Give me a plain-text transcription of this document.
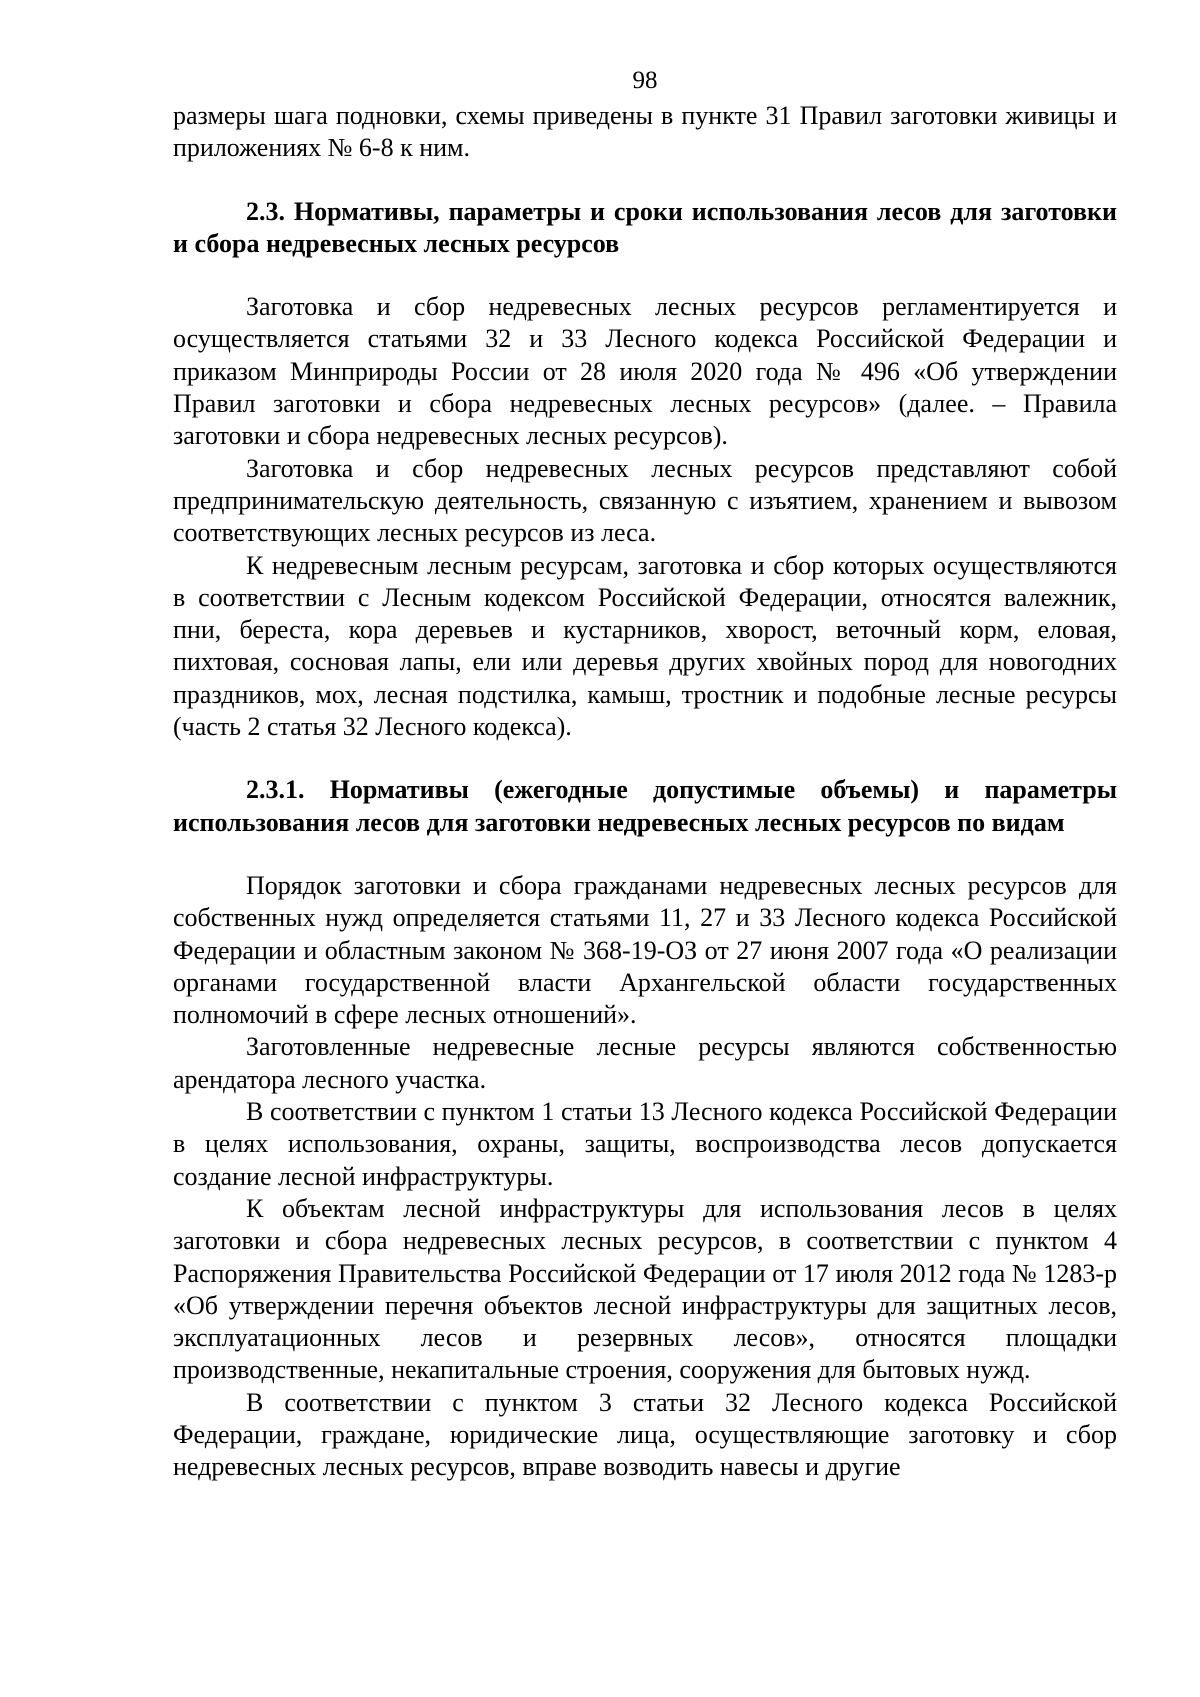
98

размеры шага подновки, схемы приведены в пункте 31 Правил заготовки живицы и приложениях № 6-8 к ним.

2.3. Нормативы, параметры и сроки использования лесов для заготовки и сбора недревесных лесных ресурсов

Заготовка и сбор недревесных лесных ресурсов регламентируется и осуществляется статьями 32 и 33 Лесного кодекса Российской Федерации и приказом Минприроды России от 28 июля 2020 года № 496 «Об утверждении Правил заготовки и сбора недревесных лесных ресурсов» (далее. – Правила заготовки и сбора недревесных лесных ресурсов).

Заготовка и сбор недревесных лесных ресурсов представляют собой предпринимательскую деятельность, связанную с изъятием, хранением и вывозом соответствующих лесных ресурсов из леса.

К недревесным лесным ресурсам, заготовка и сбор которых осуществляются в соответствии с Лесным кодексом Российской Федерации, относятся валежник, пни, береста, кора деревьев и кустарников, хворост, веточный корм, еловая, пихтовая, сосновая лапы, ели или деревья других хвойных пород для новогодних праздников, мох, лесная подстилка, камыш, тростник и подобные лесные ресурсы (часть 2 статья 32 Лесного кодекса).

2.3.1. Нормативы (ежегодные допустимые объемы) и параметры использования лесов для заготовки недревесных лесных ресурсов по видам

Порядок заготовки и сбора гражданами недревесных лесных ресурсов для собственных нужд определяется статьями 11, 27 и 33 Лесного кодекса Российской Федерации и областным законом № 368-19-ОЗ от 27 июня 2007 года «О реализации органами государственной власти Архангельской области государственных полномочий в сфере лесных отношений».

Заготовленные недревесные лесные ресурсы являются собственностью арендатора лесного участка.

В соответствии с пунктом 1 статьи 13 Лесного кодекса Российской Федерации в целях использования, охраны, защиты, воспроизводства лесов допускается создание лесной инфраструктуры.

К объектам лесной инфраструктуры для использования лесов в целях заготовки и сбора недревесных лесных ресурсов, в соответствии с пунктом 4 Распоряжения Правительства Российской Федерации от 17 июля 2012 года № 1283-р «Об утверждении перечня объектов лесной инфраструктуры для защитных лесов, эксплуатационных лесов и резервных лесов», относятся площадки производственные, некапитальные строения, сооружения для бытовых нужд.

В соответствии с пунктом 3 статьи 32 Лесного кодекса Российской Федерации, граждане, юридические лица, осуществляющие заготовку и сбор недревесных лесных ресурсов, вправе возводить навесы и другие
